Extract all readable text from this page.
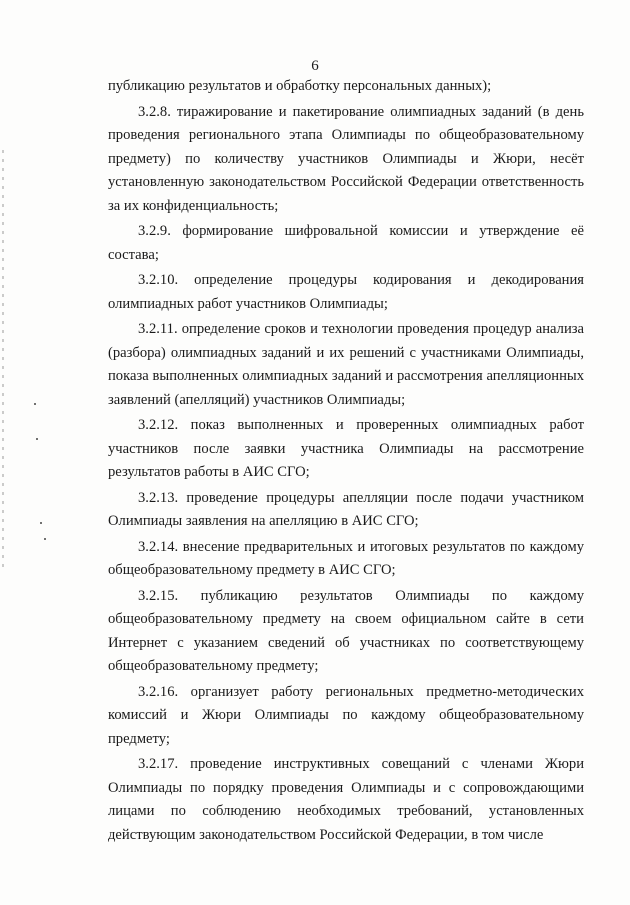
6

публикацию результатов и обработку персональных данных);

3.2.8. тиражирование и пакетирование олимпиадных заданий (в день проведения регионального этапа Олимпиады по общеобразовательному предмету) по количеству участников Олимпиады и Жюри, несёт установленную законодательством Российской Федерации ответственность за их конфиденциальность;

3.2.9. формирование шифровальной комиссии и утверждение её состава;

3.2.10. определение процедуры кодирования и декодирования олимпиадных работ участников Олимпиады;

3.2.11. определение сроков и технологии проведения процедур анализа (разбора) олимпиадных заданий и их решений с участниками Олимпиады, показа выполненных олимпиадных заданий и рассмотрения апелляционных заявлений (апелляций) участников Олимпиады;

3.2.12. показ выполненных и проверенных олимпиадных работ участников после заявки участника Олимпиады на рассмотрение результатов работы в АИС СГО;

3.2.13. проведение процедуры апелляции после подачи участником Олимпиады заявления на апелляцию в АИС СГО;

3.2.14. внесение предварительных и итоговых результатов по каждому общеобразовательному предмету в АИС СГО;

3.2.15. публикацию результатов Олимпиады по каждому общеобразовательному предмету на своем официальном сайте в сети Интернет с указанием сведений об участниках по соответствующему общеобразовательному предмету;

3.2.16. организует работу региональных предметно-методических комиссий и Жюри Олимпиады по каждому общеобразовательному предмету;

3.2.17. проведение инструктивных совещаний с членами Жюри Олимпиады по порядку проведения Олимпиады и с сопровождающими лицами по соблюдению необходимых требований, установленных действующим законодательством Российской Федерации, в том числе
